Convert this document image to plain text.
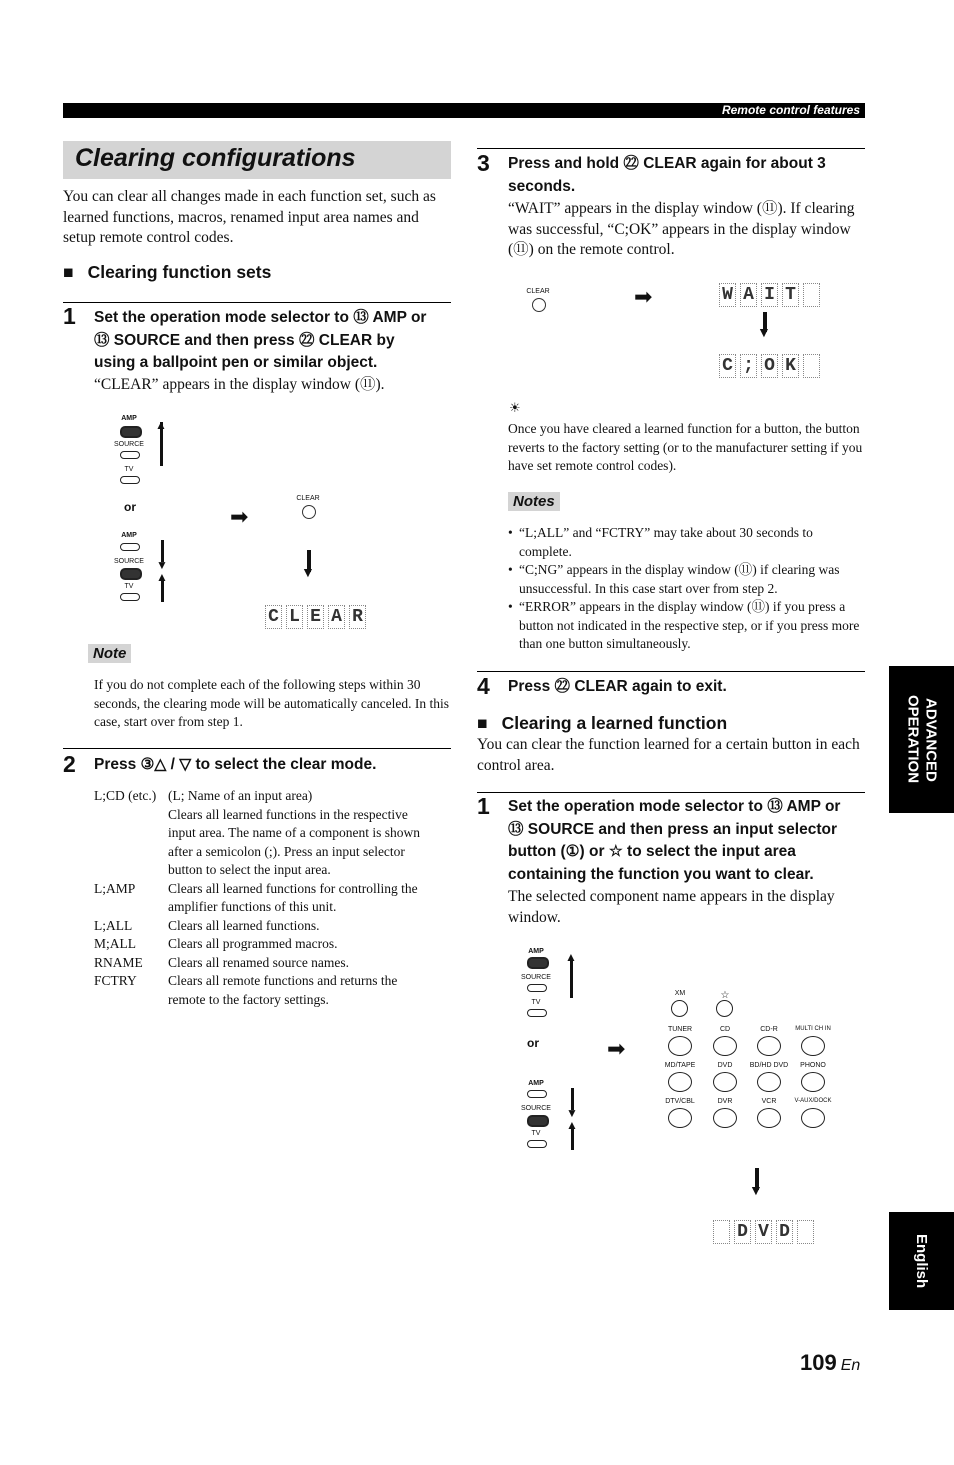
Remote control features
Clearing configurations
You can clear all changes made in each function set, such as learned functions, macros, renamed input area names and setup remote control codes.
■ Clearing function sets
1 Set the operation mode selector to ⑬ AMP or
⑬ SOURCE and then press ㉒ CLEAR by
using a ballpoint pen or similar object.
“CLEAR” appears in the display window (⑪).
AMP
SOURCE
TV
▲
or
AMP
SOURCE
TV
▼
▲
➡
CLEAR
▼
C L E A R
Note
If you do not complete each of the following steps within 30 seconds, the clearing mode will be automatically canceled. In this case, start over from step 1.
2 Press ③△ / ▽ to select the clear mode.
L;CD (etc.) (L; Name of an input area)
Clears all learned functions in the respective
input area. The name of a component is shown
after a semicolon (;). Press an input selector
button to select the input area.
L;AMP	Clears all learned functions for controlling the
amplifier functions of this unit.
L;ALL	Clears all learned functions.
M;ALL	Clears all programmed macros.
RNAME	Clears all renamed source names.
FCTRY	Clears all remote functions and returns the
remote to the factory settings.
3 Press and hold ㉒ CLEAR again for about 3
seconds.
“WAIT” appears in the display window (⑪). If clearing was successful, “C;OK” appears in the display window (⑪) on the remote control.
CLEAR	➡	W A I T
▼
C ; O K
☀
Once you have cleared a learned function for a button, the button reverts to the factory setting (or to the manufacturer setting if you have set remote control codes).
Notes
• “L;ALL” and “FCTRY” may take about 30 seconds to complete.
• “C;NG” appears in the display window (⑪) if clearing was unsuccessful. In this case start over from step 2.
• “ERROR” appears in the display window (⑪) if you press a button not indicated in the respective step, or if you press more than one button simultaneously.
4 Press ㉒ CLEAR again to exit.
■ Clearing a learned function
You can clear the function learned for a certain button in each control area.
1 Set the operation mode selector to ⑬ AMP or
⑬ SOURCE and then press an input selector
button (①) or ☆ to select the input area
containing the function you want to clear.
The selected component name appears in the display window.
AMP
SOURCE
TV
▲
or
AMP
SOURCE
TV
▼
▲
➡
XM	☆
TUNER	CD	CD-R	MULTI CH IN
MD/TAPE	DVD	BD/HD DVD	PHONO
DTV/CBL	DVR	VCR	V-AUX/DOCK
▼
D V D
ADVANCED OPERATION
English
109 En
